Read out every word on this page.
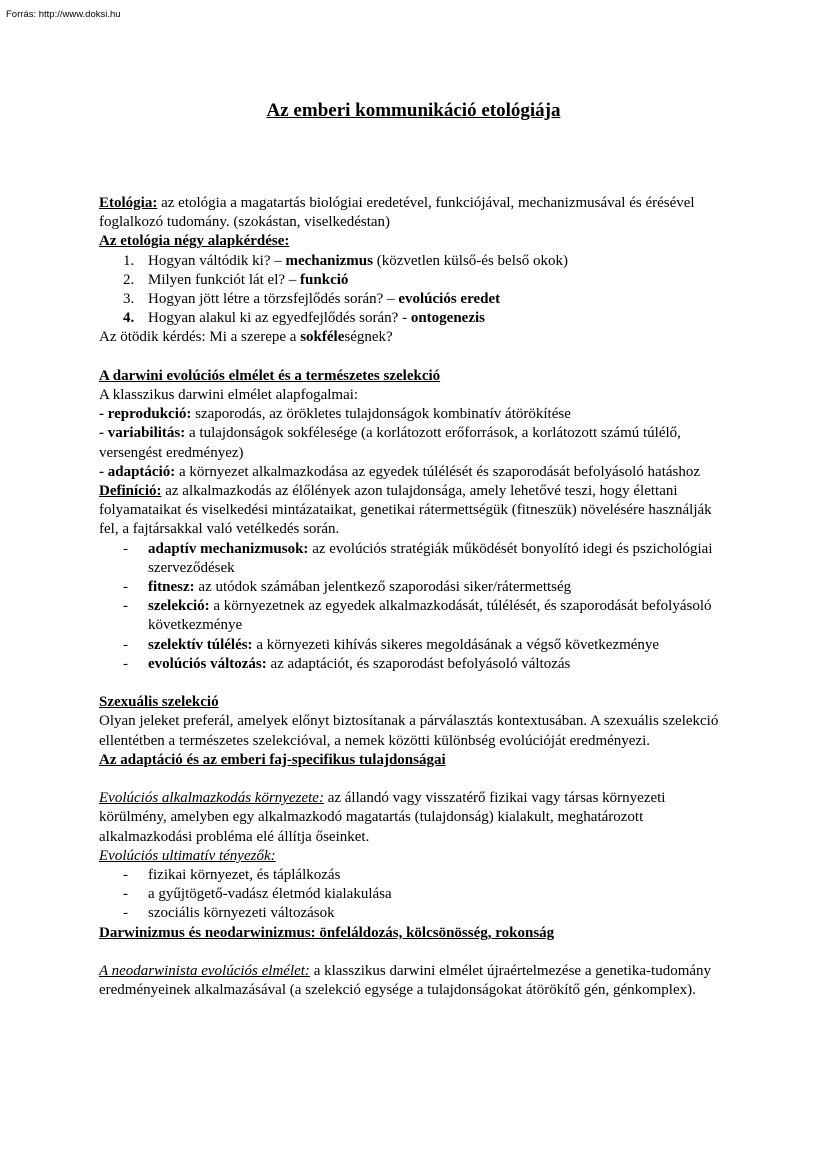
Forrás: http://www.doksi.hu
Az emberi kommunikáció etológiája

Etológia: az etológia a magatartás biológiai eredetével, funkciójával, mechanizmusával és érésével foglalkozó tudomány. (szokástan, viselkedéstan)

Az etológia négy alapkérdése:

1. Hogyan váltódik ki? – mechanizmus (közvetlen külső-és belső okok)
2. Milyen funkciót lát el? – funkció
3. Hogyan jött létre a törzsfejlődés során? – evolúciós eredet
4. Hogyan alakul ki az egyedfejlődés során? - ontogenezis

Az ötödik kérdés: Mi a szerepe a sokféleségnek?

A darwini evolúciós elmélet és a természetes szelekció

A klasszikus darwini elmélet alapfogalmai:

- reprodukció: szaporodás, az örökletes tulajdonságok kombinatív átörökítése

- variabilitás: a tulajdonságok sokfélesége (a korlátozott erőforrások, a korlátozott számú túlélő, versengést eredményez)

- adaptáció: a környezet alkalmazkodása az egyedek túlélését és szaporodását befolyásoló hatáshoz

Definíció: az alkalmazkodás az élőlények azon tulajdonsága, amely lehetővé teszi, hogy élettani folyamataikat és viselkedési mintázataikat, genetikai rátermettségük (fitneszük) növelésére használják fel, a fajtársakkal való vetélkedés során.

- adaptív mechanizmusok: az evolúciós stratégiák működését bonyolító idegi és pszichológiai szerveződések
- fitnesz: az utódok számában jelentkező szaporodási siker/rátermettség
- szelekció: a környezetnek az egyedek alkalmazkodását, túlélését, és szaporodását befolyásoló következménye
- szelektív túlélés: a környezeti kihívás sikeres megoldásának a végső következménye
- evolúciós változás: az adaptációt, és szaporodást befolyásoló változás

Szexuális szelekció

Olyan jeleket preferál, amelyek előnyt biztosítanak a párválasztás kontextusában. A szexuális szelekció ellentétben a természetes szelekcióval, a nemek közötti különbség evolúcióját eredményezi.

Az adaptáció és az emberi faj-specifikus tulajdonságai

Evolúciós alkalmazkodás környezete: az állandó vagy visszatérő fizikai vagy társas környezeti körülmény, amelyben egy alkalmazkodó magatartás (tulajdonság) kialakult, meghatározott alkalmazkodási probléma elé állítja őseinket.

Evolúciós ultimatív tényezők:

- fizikai környezet, és táplálkozás
- a gyűjtögető-vadász életmód kialakulása
- szociális környezeti változások

Darwinizmus és neodarwinizmus: önfeláldozás, kölcsönösség, rokonság

A neodarwinista evolúciós elmélet: a klasszikus darwini elmélet újraértelmezése a genetika-tudomány eredményeinek alkalmazásával (a szelekció egysége a tulajdonságokat átörökítő gén, génkomplex).
